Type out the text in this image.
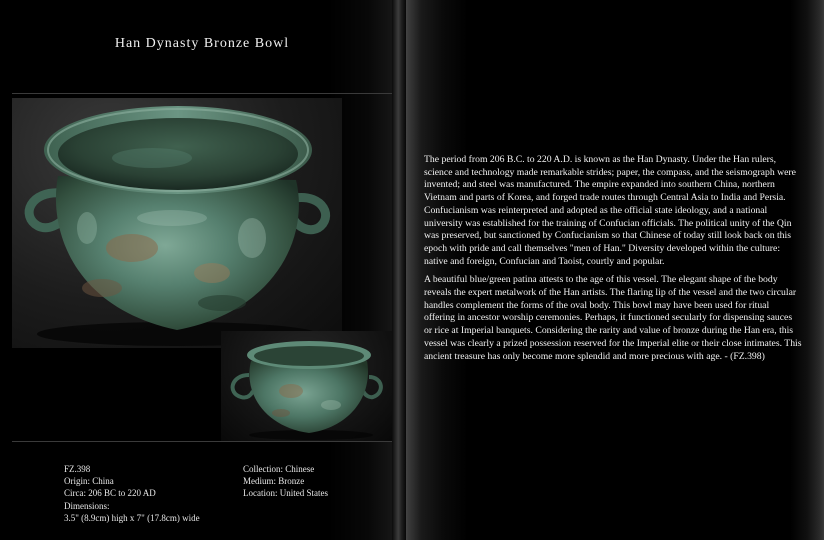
Han Dynasty Bronze Bowl
FZ.398
Origin: China
Circa: 206 BC to 220 AD
Dimensions:
3.5" (8.9cm) high x 7" (17.8cm) wide
Collection: Chinese
Medium: Bronze
Location: United States

The period from 206 B.C. to 220 A.D. is known as the Han Dynasty. Under the Han rulers, science and technology made remarkable strides; paper, the compass, and the seismograph were invented; and steel was manufactured. The empire expanded into southern China, northern Vietnam and parts of Korea, and forged trade routes through Central Asia to India and Persia. Confucianism was reinterpreted and adopted as the official state ideology, and a national university was established for the training of Confucian officials. The political unity of the Qin was preserved, but sanctioned by Confucianism so that Chinese of today still look back on this epoch with pride and call themselves "men of Han." Diversity developed within the culture: native and foreign, Confucian and Taoist, courtly and popular.

A beautiful blue/green patina attests to the age of this vessel. The elegant shape of the body reveals the expert metalwork of the Han artists. The flaring lip of the vessel and the two circular handles complement the forms of the oval body. This bowl may have been used for ritual offering in ancestor worship ceremonies. Perhaps, it functioned secularly for dispensing sauces or rice at Imperial banquets. Considering the rarity and value of bronze during the Han era, this vessel was clearly a prized possession reserved for the Imperial elite or their close intimates. This ancient treasure has only become more splendid and more precious with age. - (FZ.398)
